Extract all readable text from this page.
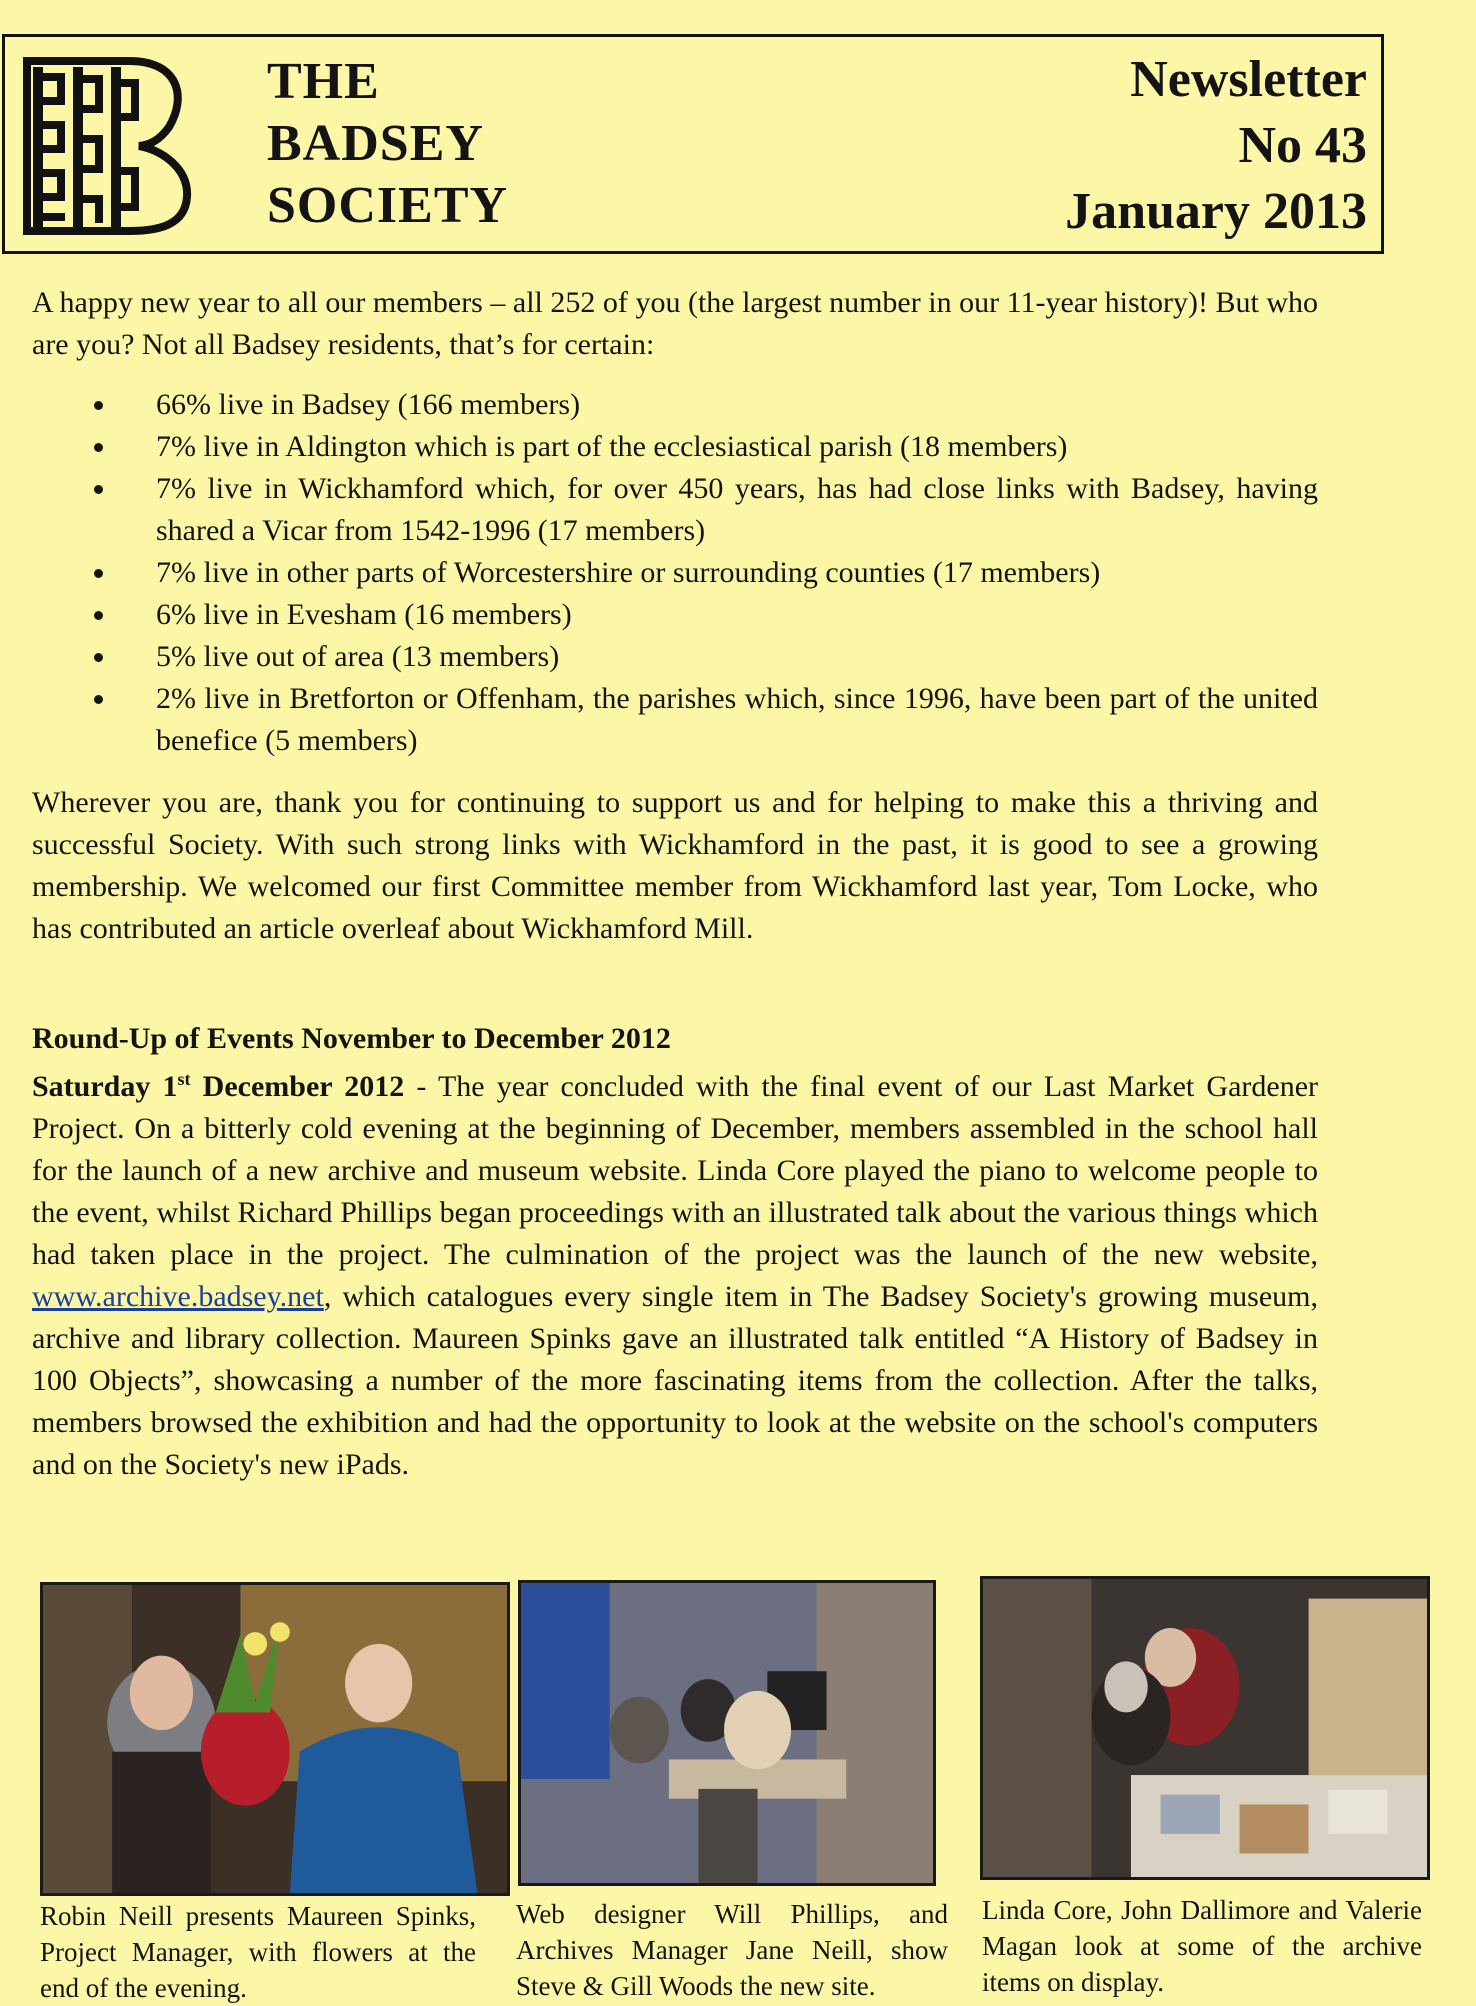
THE
BADSEY
SOCIETY
Newsletter
No 43
January 2013

A happy new year to all our members – all 252 of you (the largest number in our 11-year history)! But who are you? Not all Badsey residents, that’s for certain:

66% live in Badsey (166 members)
7% live in Aldington which is part of the ecclesiastical parish (18 members)
7% live in Wickhamford which, for over 450 years, has had close links with Badsey, having shared a Vicar from 1542-1996 (17 members)
7% live in other parts of Worcestershire or surrounding counties (17 members)
6% live in Evesham (16 members)
5% live out of area (13 members)
2% live in Bretforton or Offenham, the parishes which, since 1996, have been part of the united benefice (5 members)

Wherever you are, thank you for continuing to support us and for helping to make this a thriving and successful Society. With such strong links with Wickhamford in the past, it is good to see a growing membership. We welcomed our first Committee member from Wickhamford last year, Tom Locke, who has contributed an article overleaf about Wickhamford Mill.

Round-Up of Events November to December 2012

Saturday 1st December 2012 - The year concluded with the final event of our Last Market Gardener Project. On a bitterly cold evening at the beginning of December, members assembled in the school hall for the launch of a new archive and museum website. Linda Core played the piano to welcome people to the event, whilst Richard Phillips began proceedings with an illustrated talk about the various things which had taken place in the project. The culmination of the project was the launch of the new website, www.archive.badsey.net, which catalogues every single item in The Badsey Society's growing museum, archive and library collection. Maureen Spinks gave an illustrated talk entitled “A History of Badsey in 100 Objects”, showcasing a number of the more fascinating items from the collection. After the talks, members browsed the exhibition and had the opportunity to look at the website on the school's computers and on the Society's new iPads.

Robin Neill presents Maureen Spinks, Project Manager, with flowers at the end of the evening.
Web designer Will Phillips, and Archives Manager Jane Neill, show Steve & Gill Woods the new site.
Linda Core, John Dallimore and Valerie Magan look at some of the archive items on display.
